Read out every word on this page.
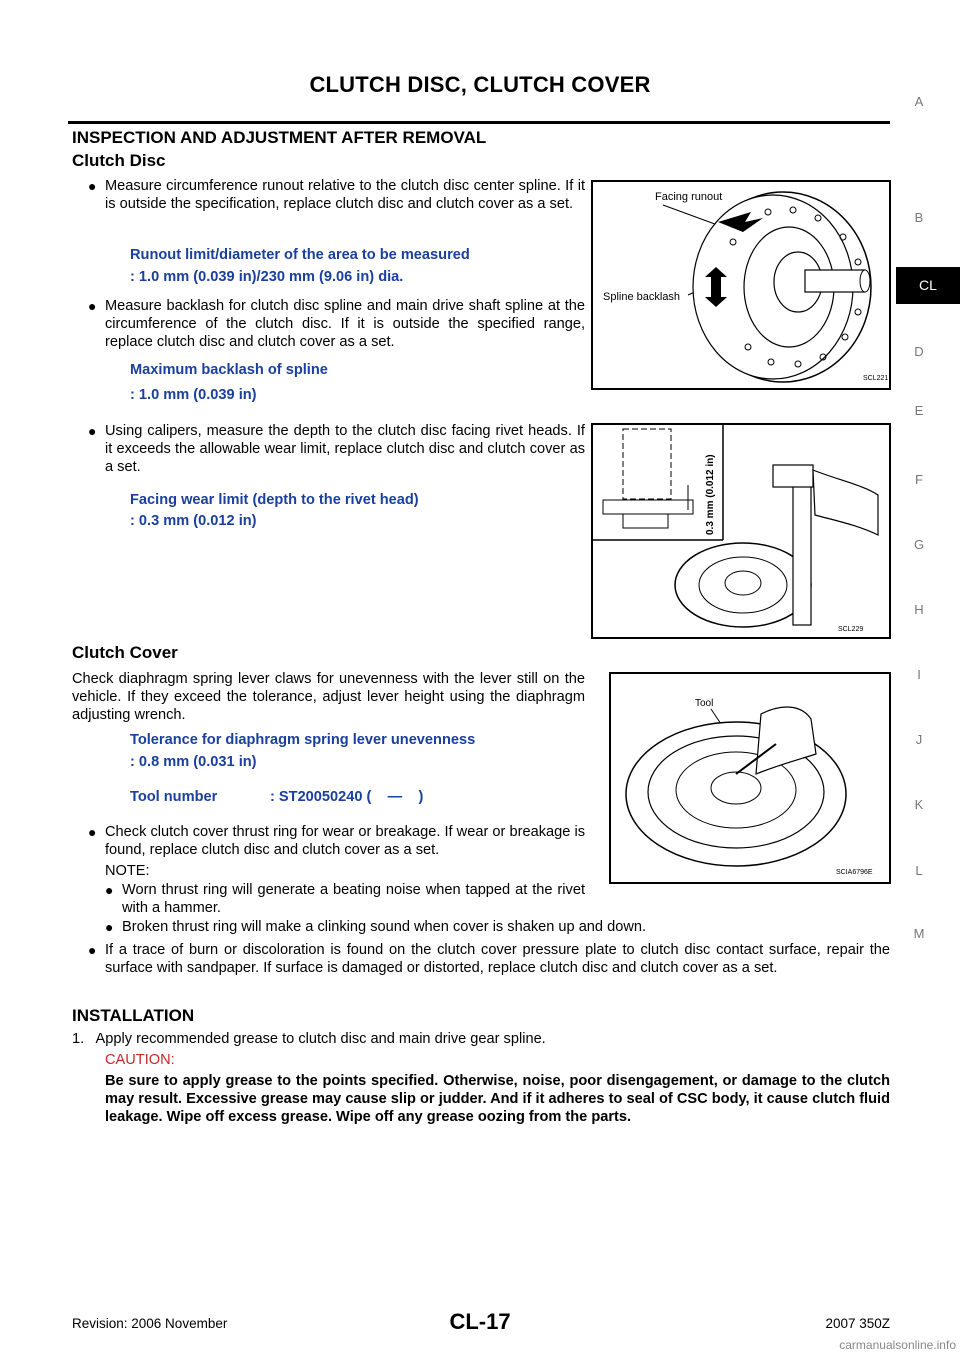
CLUTCH DISC, CLUTCH COVER
A
B
CL
D
E
F
G
H
I
J
K
L
M
INSPECTION AND ADJUSTMENT AFTER REMOVAL
Clutch Disc
● Measure circumference runout relative to the clutch disc center spline. If it is outside the specification, replace clutch disc and clutch cover as a set.
Runout limit/diameter of the area to be measured
: 1.0 mm (0.039 in)/230 mm (9.06 in) dia.
● Measure backlash for clutch disc spline and main drive shaft spline at the circumference of the clutch disc. If it is outside the specified range, replace clutch disc and clutch cover as a set.
Maximum backlash of spline
: 1.0 mm (0.039 in)
● Using calipers, measure the depth to the clutch disc facing rivet heads. If it exceeds the allowable wear limit, replace clutch disc and clutch cover as a set.
Facing wear limit (depth to the rivet head)
: 0.3 mm (0.012 in)
Clutch Cover
Check diaphragm spring lever claws for unevenness with the lever still on the vehicle. If they exceed the tolerance, adjust lever height using the diaphragm adjusting wrench.
Tolerance for diaphragm spring lever unevenness
: 0.8 mm (0.031 in)
Tool number	: ST20050240 (    —    )
● Check clutch cover thrust ring for wear or breakage. If wear or breakage is found, replace clutch disc and clutch cover as a set.
NOTE:
● Worn thrust ring will generate a beating noise when tapped at the rivet with a hammer.
● Broken thrust ring will make a clinking sound when cover is shaken up and down.
● If a trace of burn or discoloration is found on the clutch cover pressure plate to clutch disc contact surface, repair the surface with sandpaper. If surface is damaged or distorted, replace clutch disc and clutch cover as a set.
INSTALLATION
1.   Apply recommended grease to clutch disc and main drive gear spline.
CAUTION:
Be sure to apply grease to the points specified. Otherwise, noise, poor disengagement, or damage to the clutch may result. Excessive grease may cause slip or judder. And if it adheres to seal of CSC body, it cause clutch fluid leakage. Wipe off excess grease. Wipe off any grease oozing from the parts.
Facing runout
Spline backlash
SCL221
0.3 mm (0.012 in)
SCL229
Tool
SCIA6796E
Revision: 2006 November	CL-17	2007 350Z
carmanualsonline.info
